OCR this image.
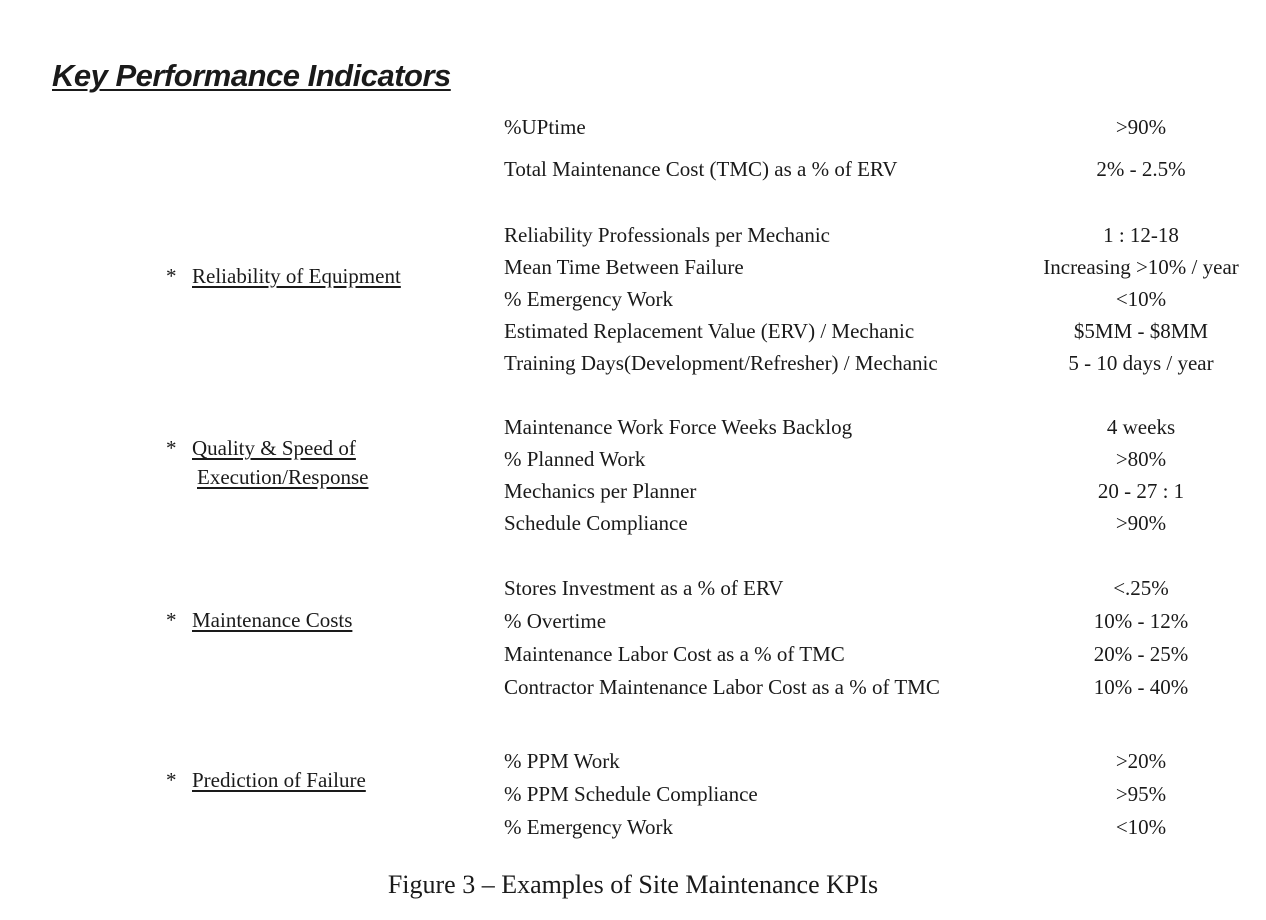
Key Performance Indicators
%UPtime	>90%
Total Maintenance Cost (TMC) as a % of ERV	2% - 2.5%
* Reliability of Equipment
Reliability Professionals per Mechanic	1 : 12-18
Mean Time Between Failure	Increasing >10% / year
% Emergency Work	<10%
Estimated Replacement Value (ERV) / Mechanic	$5MM - $8MM
Training Days(Development/Refresher) / Mechanic	5 - 10 days / year
* Quality & Speed of
Execution/Response
Maintenance Work Force Weeks Backlog	4 weeks
% Planned Work	>80%
Mechanics per Planner	20 - 27 : 1
Schedule Compliance	>90%
* Maintenance Costs
Stores Investment as a % of ERV	<.25%
% Overtime	10% - 12%
Maintenance Labor Cost as a % of TMC	20% - 25%
Contractor Maintenance Labor Cost as a % of TMC	10% - 40%
* Prediction of Failure
% PPM Work	>20%
% PPM Schedule Compliance	>95%
% Emergency Work	<10%
Figure 3 – Examples of Site Maintenance KPIs
